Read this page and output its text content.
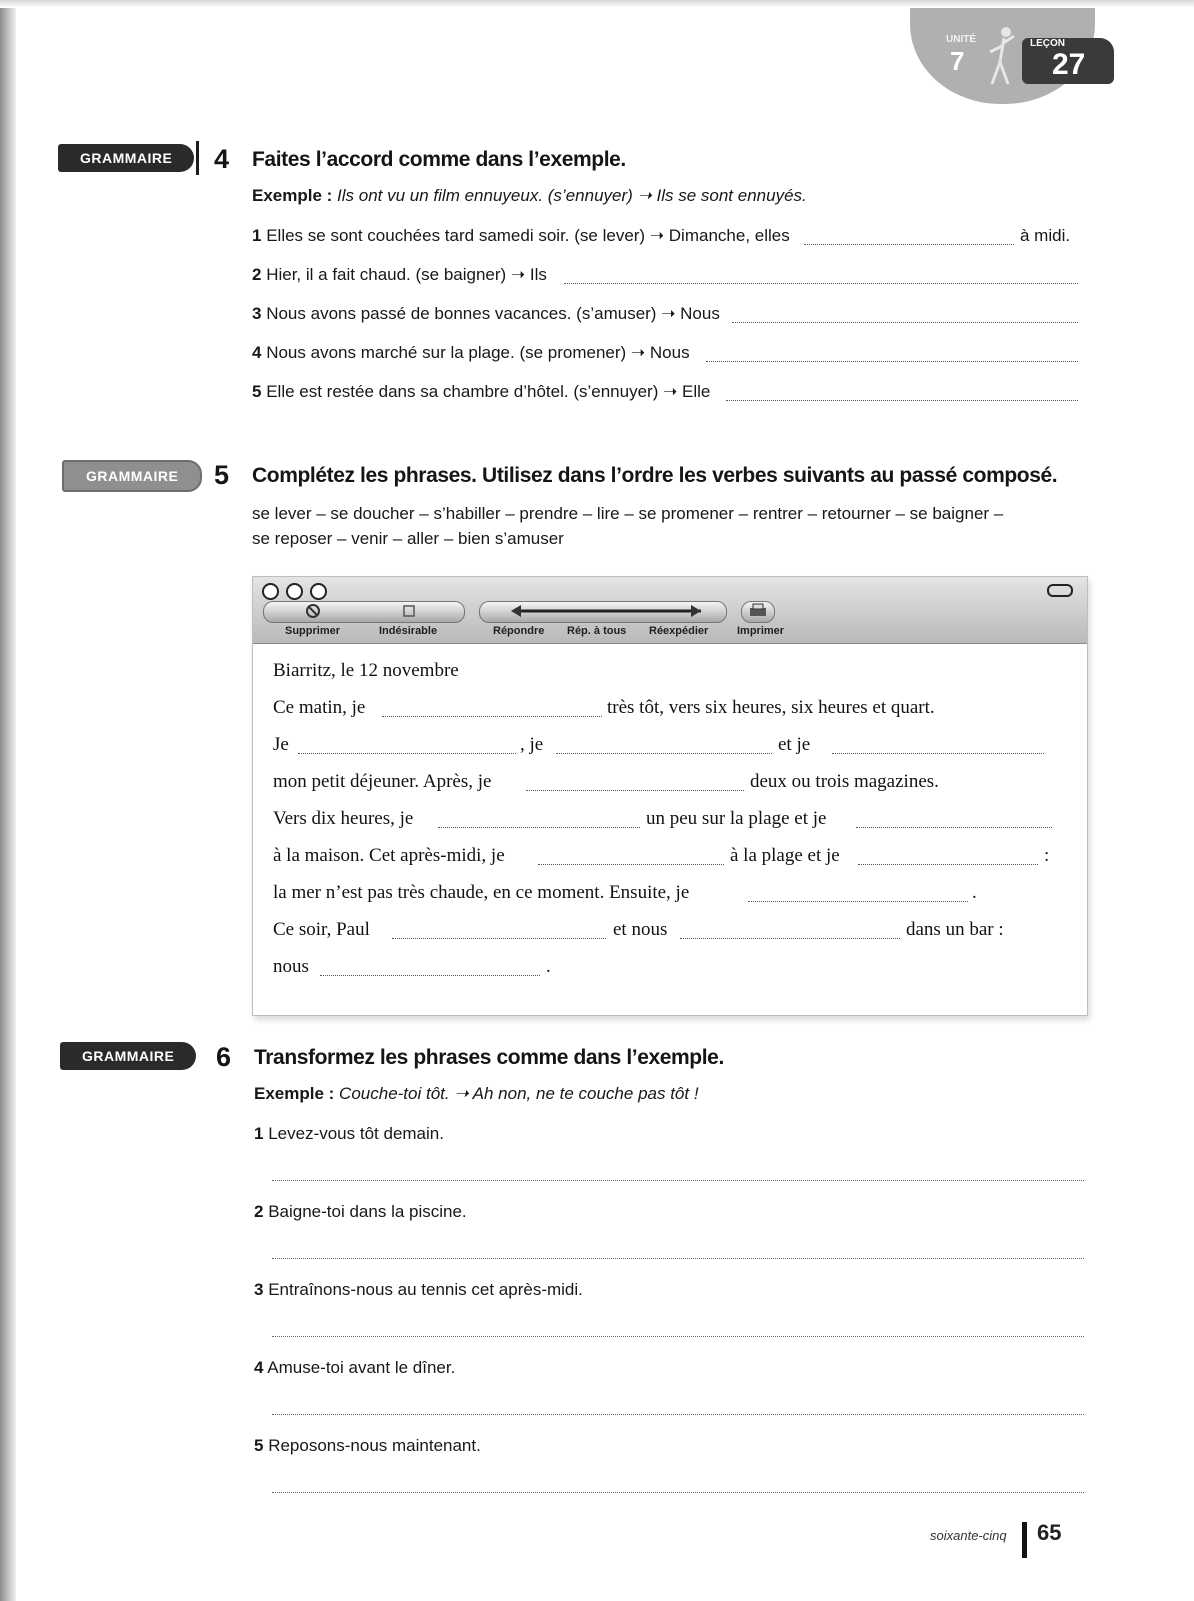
UNITÉ
7
LEÇON
27
GRAMMAIRE	4 Faites l’accord comme dans l’exemple.
Exemple : Ils ont vu un film ennuyeux. (s’ennuyer) ➝ Ils se sont ennuyés.
1 Elles se sont couchées tard samedi soir. (se lever) ➝ Dimanche, elles	à midi.
2 Hier, il a fait chaud. (se baigner) ➝ Ils
3 Nous avons passé de bonnes vacances. (s’amuser) ➝ Nous
4 Nous avons marché sur la plage. (se promener) ➝ Nous
5 Elle est restée dans sa chambre d’hôtel. (s’ennuyer) ➝ Elle
GRAMMAIRE	5 Complétez les phrases. Utilisez dans l’ordre les verbes suivants au passé composé.
se lever – se doucher – s’habiller – prendre – lire – se promener – rentrer – retourner – se baigner –
se reposer – venir – aller – bien s’amuser
Supprimer	Indésirable	Répondre Rép. à tous Réexpédier	Imprimer
Biarritz, le 12 novembre
Ce matin, je	très tôt, vers six heures, six heures et quart.
Je	, je	et je
mon petit déjeuner. Après, je	deux ou trois magazines.
Vers dix heures, je	un peu sur la plage et je
à la maison. Cet après-midi, je	à la plage et je	:
la mer n’est pas très chaude, en ce moment. Ensuite, je	.
Ce soir, Paul	et nous	dans un bar :
nous	.
GRAMMAIRE	6 Transformez les phrases comme dans l’exemple.
Exemple : Couche-toi tôt. ➝ Ah non, ne te couche pas tôt !
1 Levez-vous tôt demain.
2 Baigne-toi dans la piscine.
3 Entraînons-nous au tennis cet après-midi.
4 Amuse-toi avant le dîner.
5 Reposons-nous maintenant.
soixante-cinq 65
